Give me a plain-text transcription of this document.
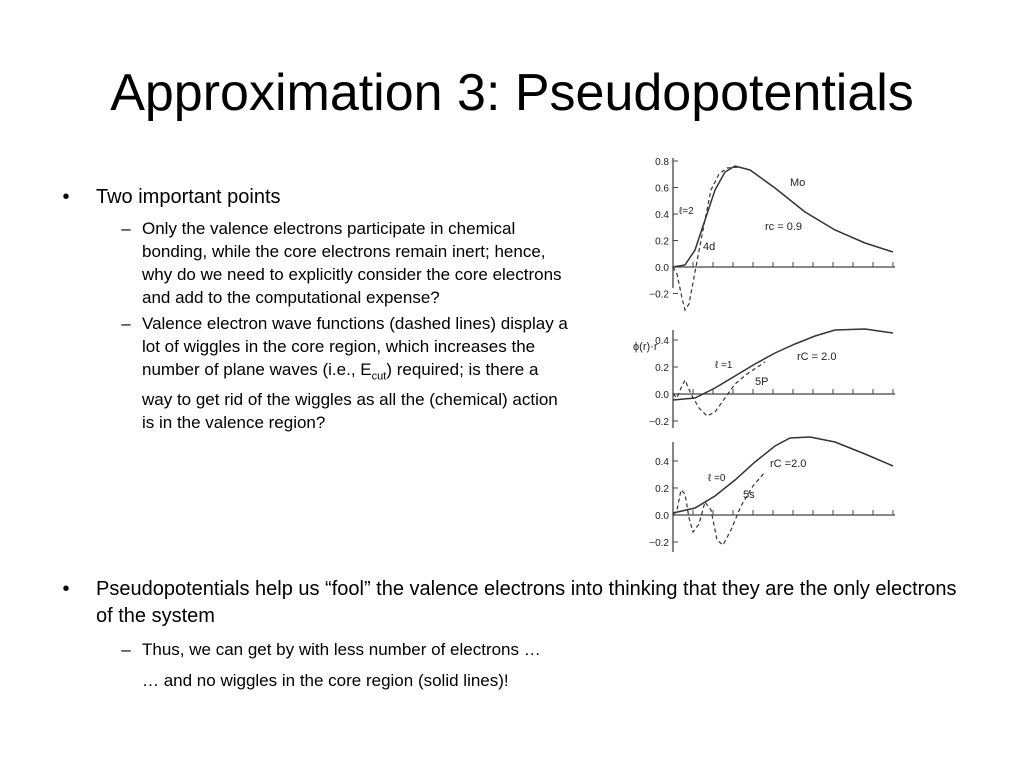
Approximation 3: Pseudopotentials
•	Two important points
– Only the valence electrons participate in chemical bonding, while the core electrons remain inert; hence, why do we need to explicitly consider the core electrons and add to the computational expense?
– Valence electron wave functions (dashed lines) display a lot of wiggles in the core region, which increases the number of plane waves (i.e., $E_{cut}$) required; is there a way to get rid of the wiggles as all the (chemical) action is in the valence region?
•	Pseudopotentials help us “fool” the valence electrons into thinking that they are the only electrons of the system
– Thus, we can get by with less number of electrons …
… and no wiggles in the core region (solid lines)!
ϕ(r)·r
0.8
0.6
0.4
0.2
0.0
−0.2
0.4
0.2
0.0
−0.2
0.4
0.2
0.0
−0.2
Mo
ℓ=2
rc = 0.9
4d
ℓ =1
rC = 2.0
5P
ℓ =0
rC =2.0
5s
